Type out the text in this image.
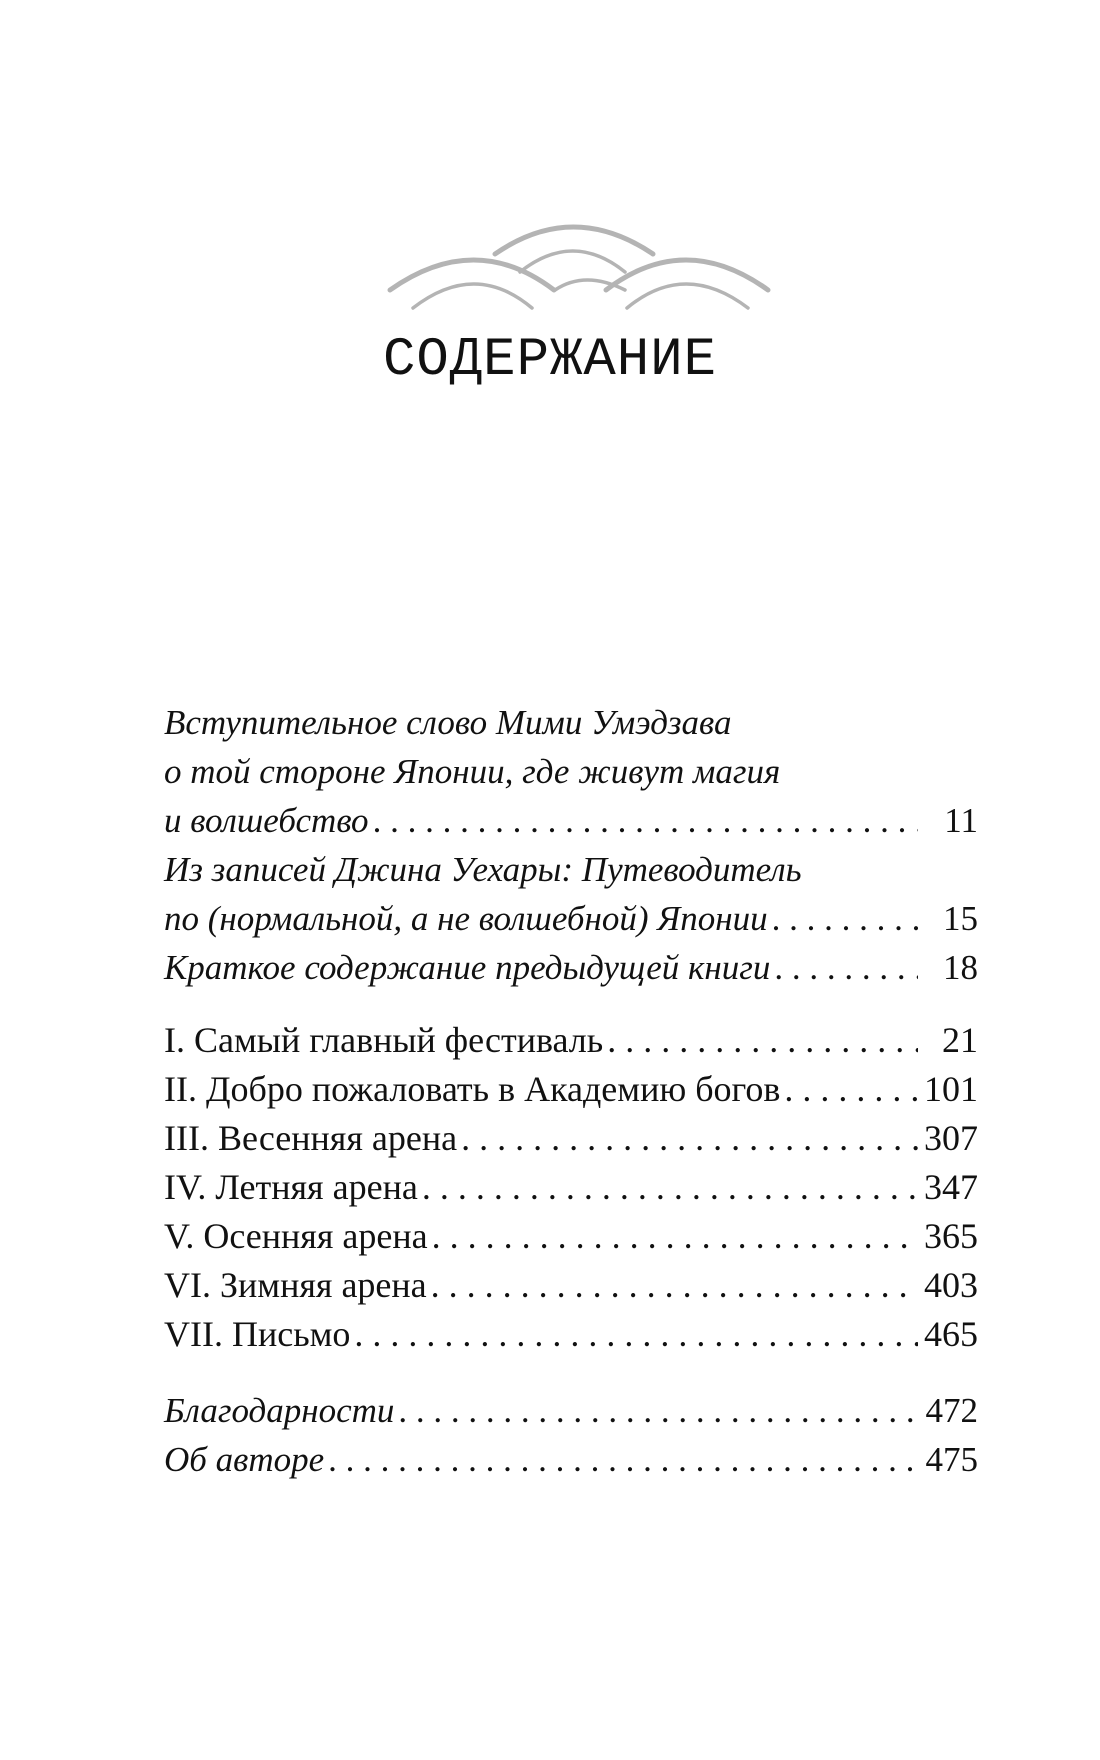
СОДЕРЖАНИЕ
Вступительное слово Мими Умэдзава
о той стороне Японии, где живут магия
и волшебство . . .	11
Из записей Джина Уехары: Путеводитель
по (нормальной, а не волшебной) Японии . . .	15
Краткое содержание предыдущей книги . . .	18
I. Самый главный фестиваль . . .	21
II. Добро пожаловать в Академию богов . . .	101
III. Весенняя арена . . .	307
IV. Летняя арена . . .	347
V. Осенняя арена . . .	365
VI. Зимняя арена . . .	403
VII. Письмо . . .	465
Благодарности . . .	472
Об авторе . . .	475
